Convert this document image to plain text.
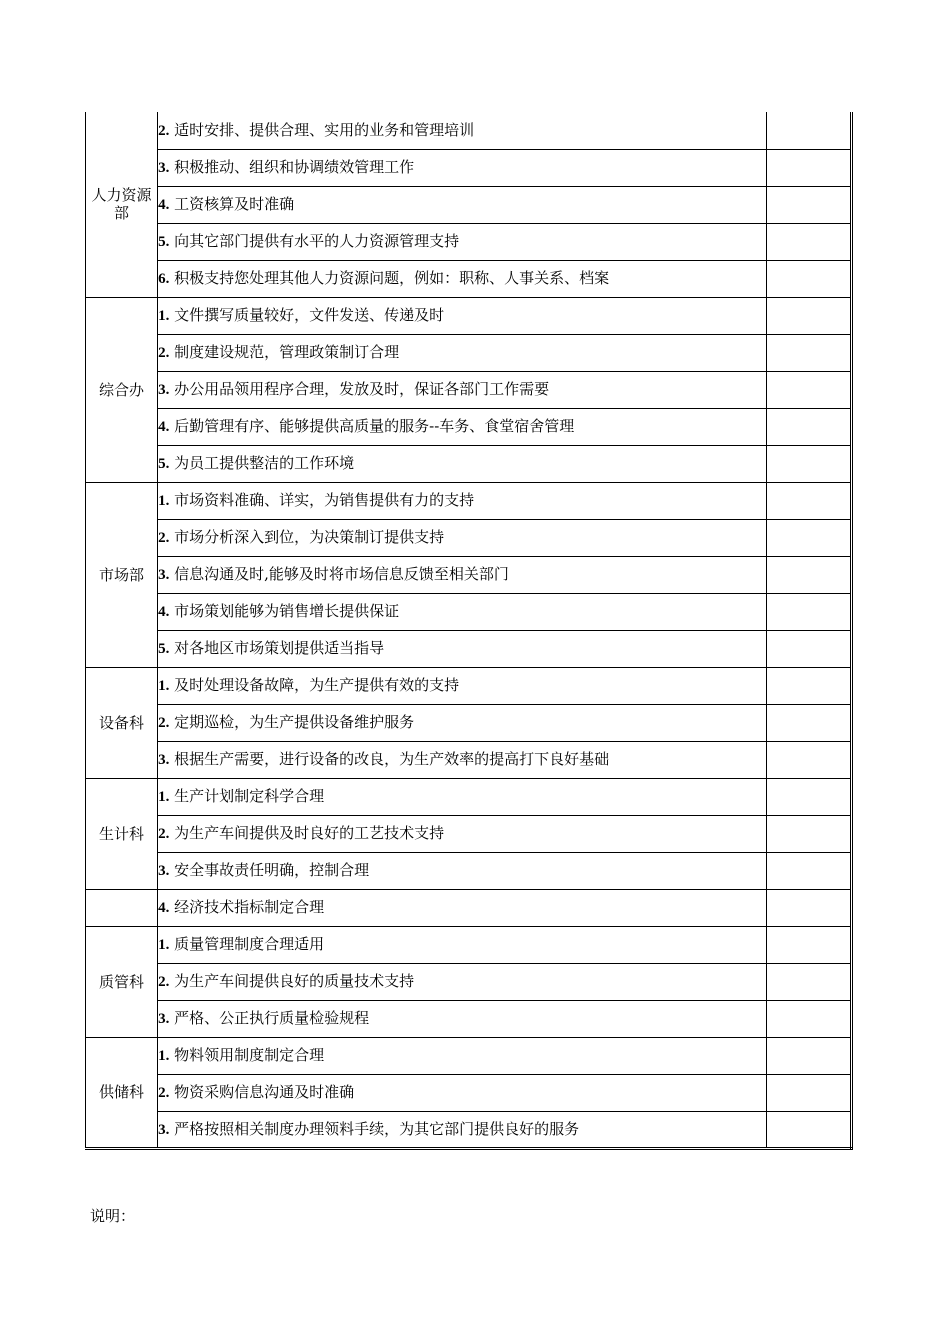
人力资源部	2. 适时安排、提供合理、实用的业务和管理培训	
	3. 积极推动、组织和协调绩效管理工作	
	4. 工资核算及时准确	
	5. 向其它部门提供有水平的人力资源管理支持	
	6. 积极支持您处理其他人力资源问题，例如：职称、人事关系、档案	
综合办	1. 文件撰写质量较好，文件发送、传递及时	
	2. 制度建设规范，管理政策制订合理	
	3. 办公用品领用程序合理，发放及时，保证各部门工作需要	
	4. 后勤管理有序、能够提供高质量的服务--车务、食堂宿舍管理	
	5. 为员工提供整洁的工作环境	
市场部	1. 市场资料准确、详实，为销售提供有力的支持	
	2. 市场分析深入到位，为决策制订提供支持	
	3. 信息沟通及时,能够及时将市场信息反馈至相关部门	
	4. 市场策划能够为销售增长提供保证	
	5. 对各地区市场策划提供适当指导	
设备科	1. 及时处理设备故障，为生产提供有效的支持	
	2. 定期巡检，为生产提供设备维护服务	
	3. 根据生产需要，进行设备的改良，为生产效率的提高打下良好基础	
生计科	1. 生产计划制定科学合理	
	2. 为生产车间提供及时良好的工艺技术支持	
	3. 安全事故责任明确，控制合理	
	4. 经济技术指标制定合理	
质管科	1. 质量管理制度合理适用	
	2. 为生产车间提供良好的质量技术支持	
	3. 严格、公正执行质量检验规程	
供储科	1. 物料领用制度制定合理	
	2. 物资采购信息沟通及时准确	
	3. 严格按照相关制度办理领料手续，为其它部门提供良好的服务	
说明：
